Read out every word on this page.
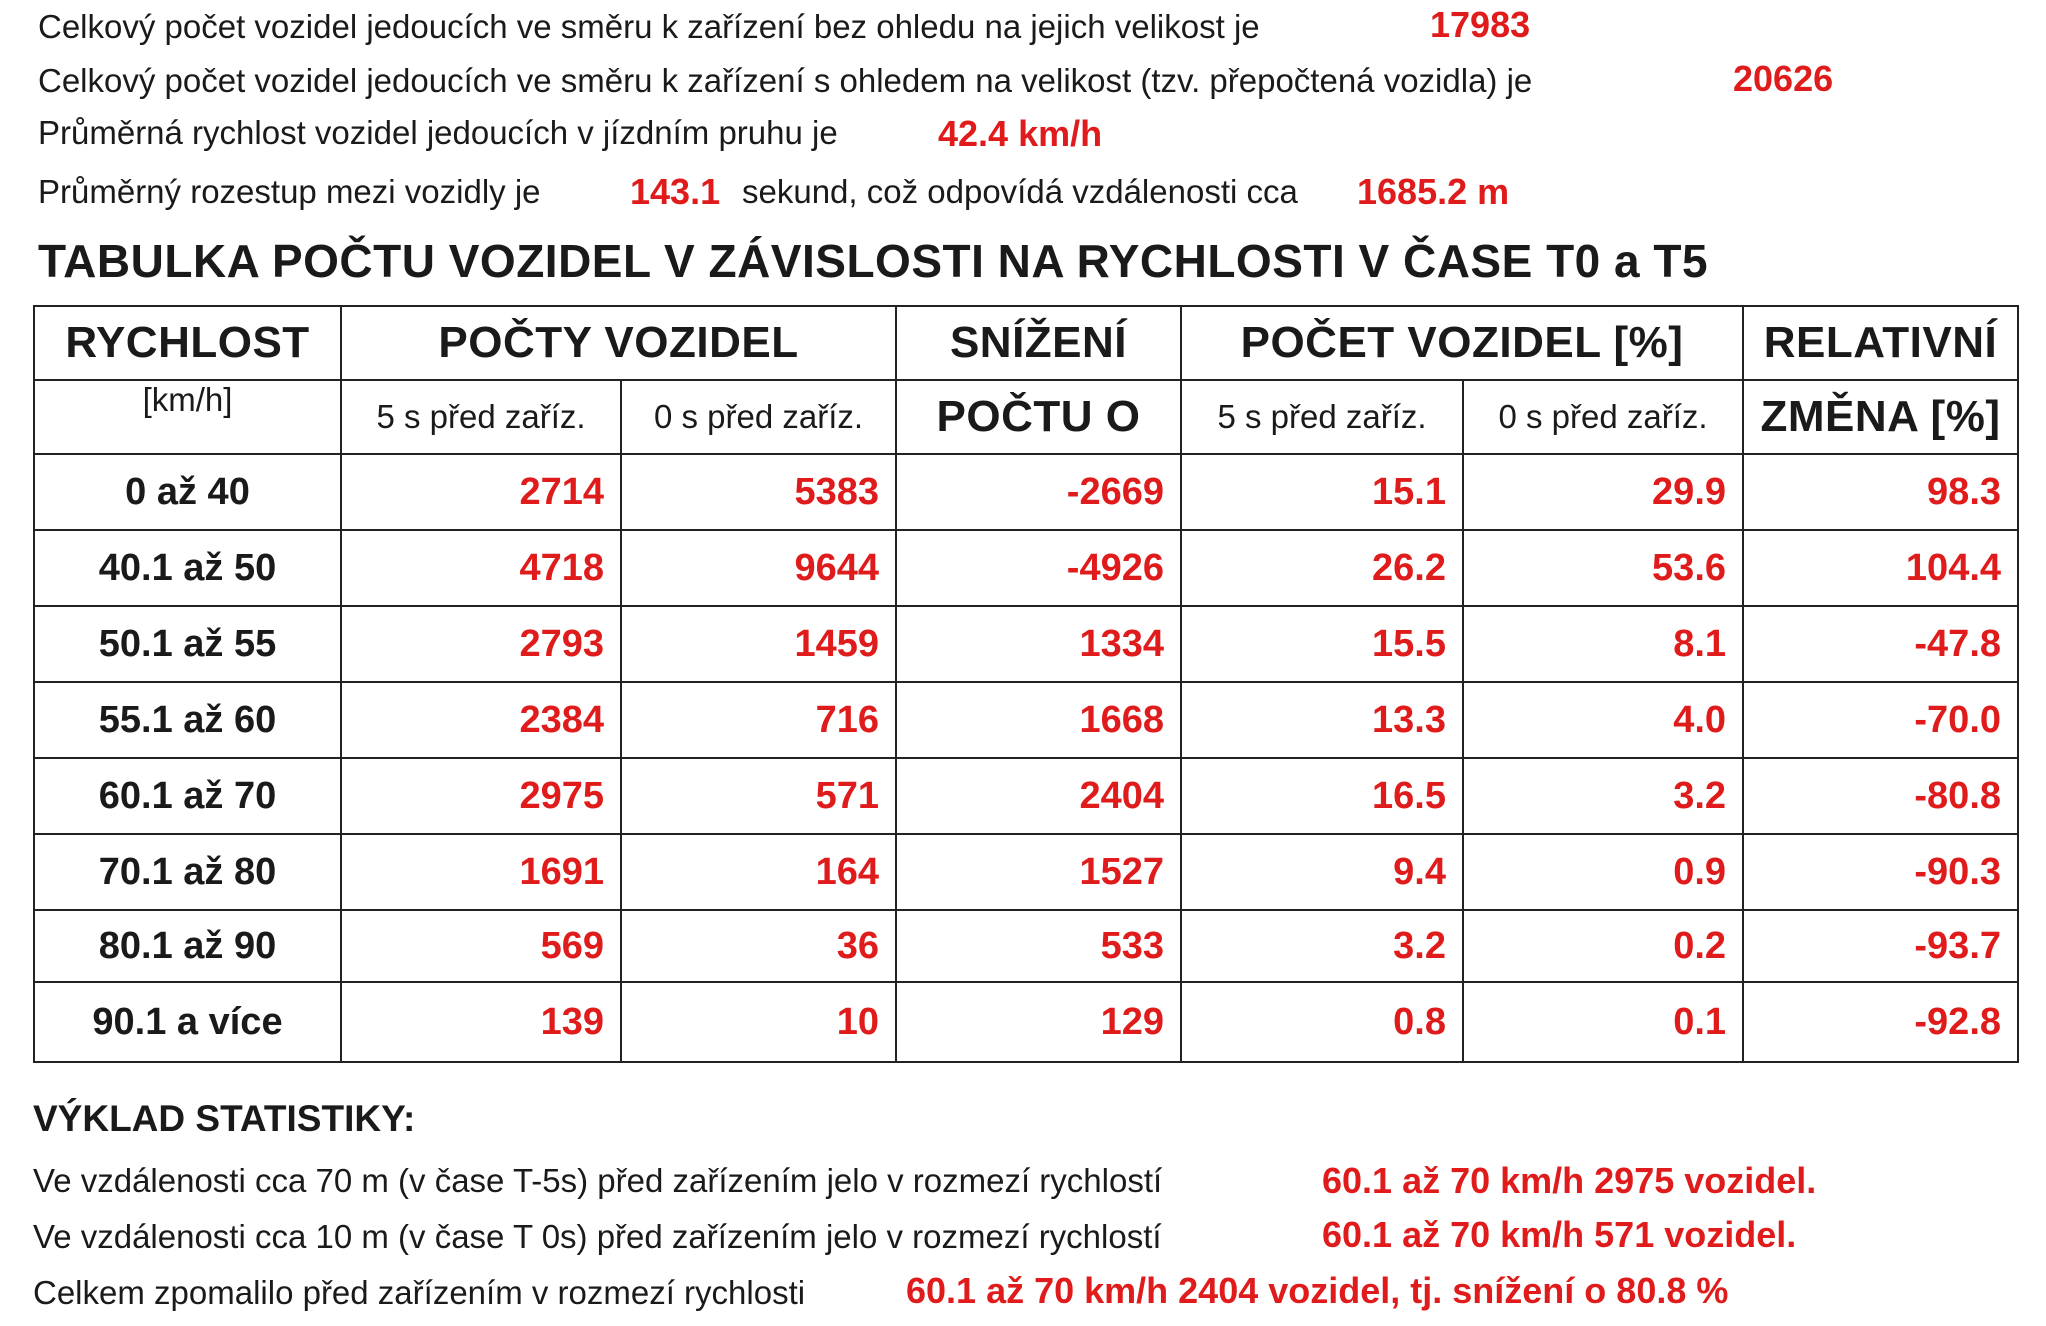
Celkový počet vozidel jedoucích ve směru k zařízení bez ohledu na jejich velikost je	17983
Celkový počet vozidel jedoucích ve směru k zařízení s ohledem na velikost (tzv. přepočtená vozidla) je	20626
Průměrná rychlost vozidel jedoucích v jízdním pruhu je	42.4 km/h
Průměrný rozestup mezi vozidly je 143.1 sekund, což odpovídá vzdálenosti cca 1685.2 m
TABULKA POČTU VOZIDEL V ZÁVISLOSTI NA RYCHLOSTI V ČASE T0 a T5
RYCHLOST	POČTY VOZIDEL		SNÍŽENÍ	POČET VOZIDEL [%]		RELATIVNÍ
[km/h]	5 s před zaříz.	0 s před zaříz.	POČTU O	5 s před zaříz.	0 s před zaříz.	ZMĚNA [%]
0 až 40	2714	5383	-2669	15.1	29.9	98.3
40.1 až 50	4718	9644	-4926	26.2	53.6	104.4
50.1 až 55	2793	1459	1334	15.5	8.1	-47.8
55.1 až 60	2384	716	1668	13.3	4.0	-70.0
60.1 až 70	2975	571	2404	16.5	3.2	-80.8
70.1 až 80	1691	164	1527	9.4	0.9	-90.3
80.1 až 90	569	36	533	3.2	0.2	-93.7
90.1 a více	139	10	129	0.8	0.1	-92.8
VÝKLAD STATISTIKY:
Ve vzdálenosti cca 70 m (v čase T-5s) před zařízením jelo v rozmezí rychlostí	60.1 až 70 km/h 2975 vozidel.
Ve vzdálenosti cca 10 m (v čase T 0s) před zařízením jelo v rozmezí rychlostí	60.1 až 70 km/h 571 vozidel.
Celkem zpomalilo před zařízením v rozmezí rychlosti	60.1 až 70 km/h 2404 vozidel, tj. snížení o 80.8 %
